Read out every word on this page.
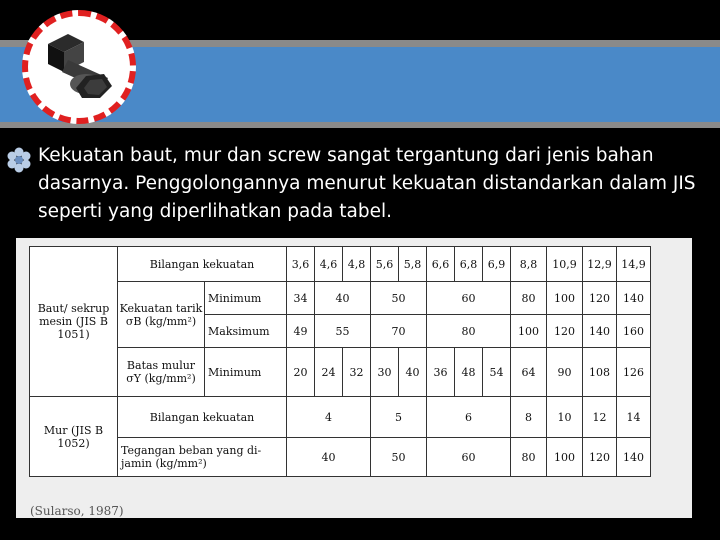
Kekuatan baut, mur dan screw sangat tergantung dari jenis bahan dasarnya. Penggolongannya menurut kekuatan distandarkan dalam JIS seperti yang diperlihatkan pada tabel.

Baut/ sekrup mesin (JIS B 1051)	Bilangan kekuatan		3,6	4,6	4,8	5,6	5,8	6,6	6,8	6,9	8,8	10,9	12,9	14,9
	Kekuatan tarik σB (kg/mm²)	Minimum	34	40		50		60			80	100	120	140
		Maksimum	49	55		70		80			100	120	140	160
	Batas mulur σY (kg/mm²)	Minimum	20	24	32	30	40	36	48	54	64	90	108	126
Mur (JIS B 1052)	Bilangan kekuatan		4			5		6			8	10	12	14
	Tegangan beban yang di- jamin (kg/mm²)		40			50		60			80	100	120	140
(Sularso, 1987)
